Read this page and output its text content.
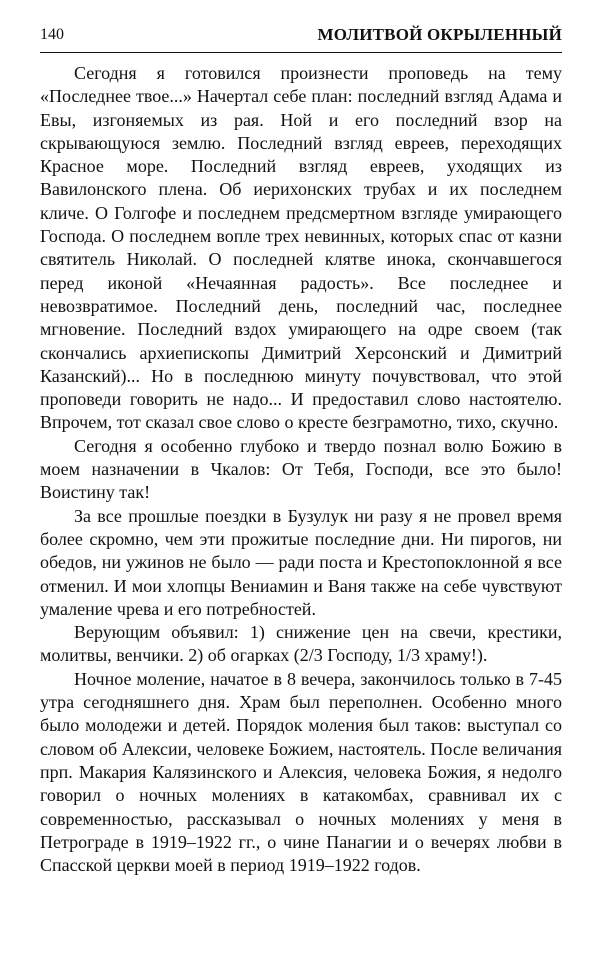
140	МОЛИТВОЙ ОКРЫЛЕННЫЙ

Сегодня я готовился произнести проповедь на тему «Последнее твое...» Начертал себе план: последний взгляд Адама и Евы, изгоняемых из рая. Ной и его последний взор на скрывающуюся землю. Последний взгляд евреев, переходящих Красное море. Последний взгляд евреев, уходящих из Вавилонского плена. Об иерихонских трубах и их последнем кличе. О Голгофе и последнем предсмертном взгляде умирающего Господа. О последнем вопле трех невинных, которых спас от казни святитель Николай. О последней клятве инока, скончавшегося перед иконой «Нечаянная радость». Все последнее и невозвратимое. Последний день, последний час, последнее мгновение. Последний вздох умирающего на одре своем (так скончались архиепископы Димитрий Херсонский и Димитрий Казанский)... Но в последнюю минуту почувствовал, что этой проповеди говорить не надо... И предоставил слово настоятелю. Впрочем, тот сказал свое слово о кресте безграмотно, тихо, скучно.

Сегодня я особенно глубоко и твердо познал волю Божию в моем назначении в Чкалов: От Тебя, Господи, все это было! Воистину так!

За все прошлые поездки в Бузулук ни разу я не провел время более скромно, чем эти прожитые последние дни. Ни пирогов, ни обедов, ни ужинов не было — ради поста и Крестопоклонной я все отменил. И мои хлопцы Вениамин и Ваня также на себе чувствуют умаление чрева и его потребностей.

Верующим объявил: 1) снижение цен на свечи, крестики, молитвы, венчики. 2) об огарках (2/3 Господу, 1/3 храму!).

Ночное моление, начатое в 8 вечера, закончилось только в 7-45 утра сегодняшнего дня. Храм был переполнен. Особенно много было молодежи и детей. Порядок моления был таков: выступал со словом об Алексии, человеке Божием, настоятель. После величания прп. Макария Калязинского и Алексия, человека Божия, я недолго говорил о ночных молениях в катакомбах, сравнивал их с современностью, рассказывал о ночных молениях у меня в Петрограде в 1919–1922 гг., о чине Панагии и о вечерях любви в Спасской церкви моей в период 1919–1922 годов.
